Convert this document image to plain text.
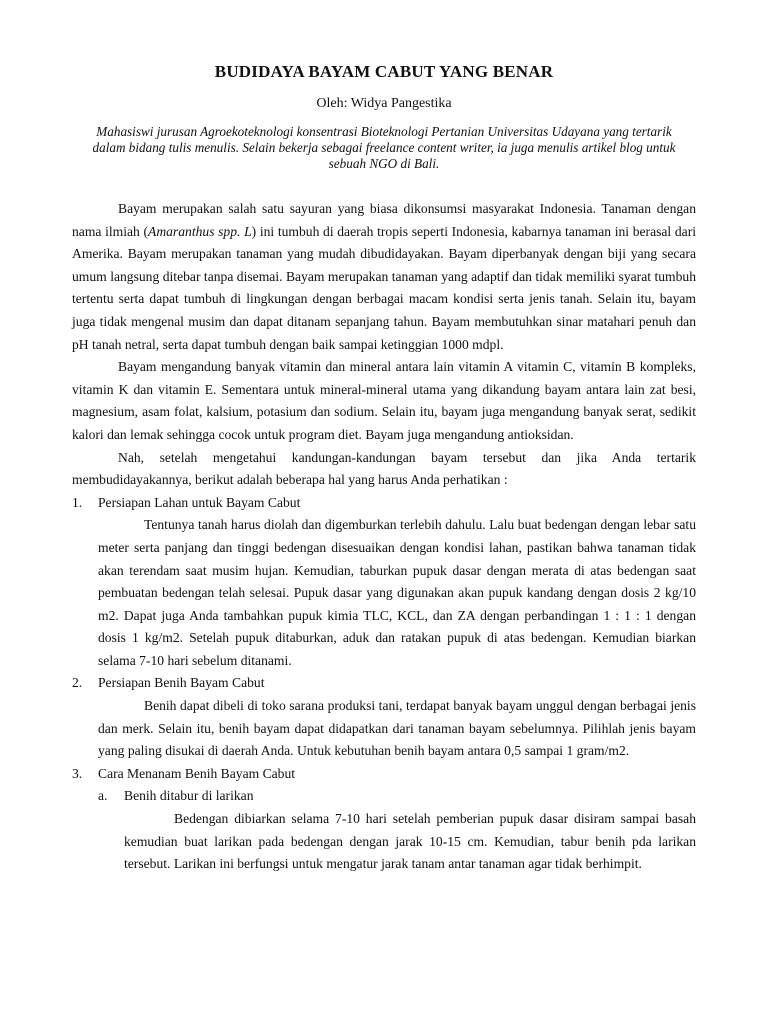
BUDIDAYA BAYAM CABUT YANG BENAR

Oleh: Widya Pangestika

Mahasiswi jurusan Agroekoteknologi konsentrasi Bioteknologi Pertanian Universitas Udayana yang tertarik dalam bidang tulis menulis. Selain bekerja sebagai freelance content writer, ia juga menulis artikel blog untuk sebuah NGO di Bali.

Bayam merupakan salah satu sayuran yang biasa dikonsumsi masyarakat Indonesia. Tanaman dengan nama ilmiah (Amaranthus spp. L) ini tumbuh di daerah tropis seperti Indonesia, kabarnya tanaman ini berasal dari Amerika. Bayam merupakan tanaman yang mudah dibudidayakan. Bayam diperbanyak dengan biji yang secara umum langsung ditebar tanpa disemai. Bayam merupakan tanaman yang adaptif dan tidak memiliki syarat tumbuh tertentu serta dapat tumbuh di lingkungan dengan berbagai macam kondisi serta jenis tanah. Selain itu, bayam juga tidak mengenal musim dan dapat ditanam sepanjang tahun. Bayam membutuhkan sinar matahari penuh dan pH tanah netral, serta dapat tumbuh dengan baik sampai ketinggian 1000 mdpl.

Bayam mengandung banyak vitamin dan mineral antara lain vitamin A vitamin C, vitamin B kompleks, vitamin K dan vitamin E. Sementara untuk mineral-mineral utama yang dikandung bayam antara lain zat besi, magnesium, asam folat, kalsium, potasium dan sodium. Selain itu, bayam juga mengandung banyak serat, sedikit kalori dan lemak sehingga cocok untuk program diet. Bayam juga mengandung antioksidan.

Nah, setelah mengetahui kandungan-kandungan bayam tersebut dan jika Anda tertarik membudidayakannya, berikut adalah beberapa hal yang harus Anda perhatikan :

1.	Persiapan Lahan untuk Bayam Cabut

Tentunya tanah harus diolah dan digemburkan terlebih dahulu. Lalu buat bedengan dengan lebar satu meter serta panjang dan tinggi bedengan disesuaikan dengan kondisi lahan, pastikan bahwa tanaman tidak akan terendam saat musim hujan. Kemudian, taburkan pupuk dasar dengan merata di atas bedengan saat pembuatan bedengan telah selesai. Pupuk dasar yang digunakan akan pupuk kandang dengan dosis 2 kg/10 m2. Dapat juga Anda tambahkan pupuk kimia TLC, KCL, dan ZA dengan perbandingan 1 : 1 : 1 dengan dosis 1 kg/m2. Setelah pupuk ditaburkan, aduk dan ratakan pupuk di atas bedengan. Kemudian biarkan selama 7-10 hari sebelum ditanami.

2.	Persiapan Benih Bayam Cabut

Benih dapat dibeli di toko sarana produksi tani, terdapat banyak bayam unggul dengan berbagai jenis dan merk. Selain itu, benih bayam dapat didapatkan dari tanaman bayam sebelumnya. Pilihlah jenis bayam yang paling disukai di daerah Anda. Untuk kebutuhan benih bayam antara 0,5 sampai 1 gram/m2.

3.	Cara Menanam Benih Bayam Cabut
a.	Benih ditabur di larikan

Bedengan dibiarkan selama 7-10 hari setelah pemberian pupuk dasar disiram sampai basah kemudian buat larikan pada bedengan dengan jarak 10-15 cm. Kemudian, tabur benih pda larikan tersebut. Larikan ini berfungsi untuk mengatur jarak tanam antar tanaman agar tidak berhimpit.
